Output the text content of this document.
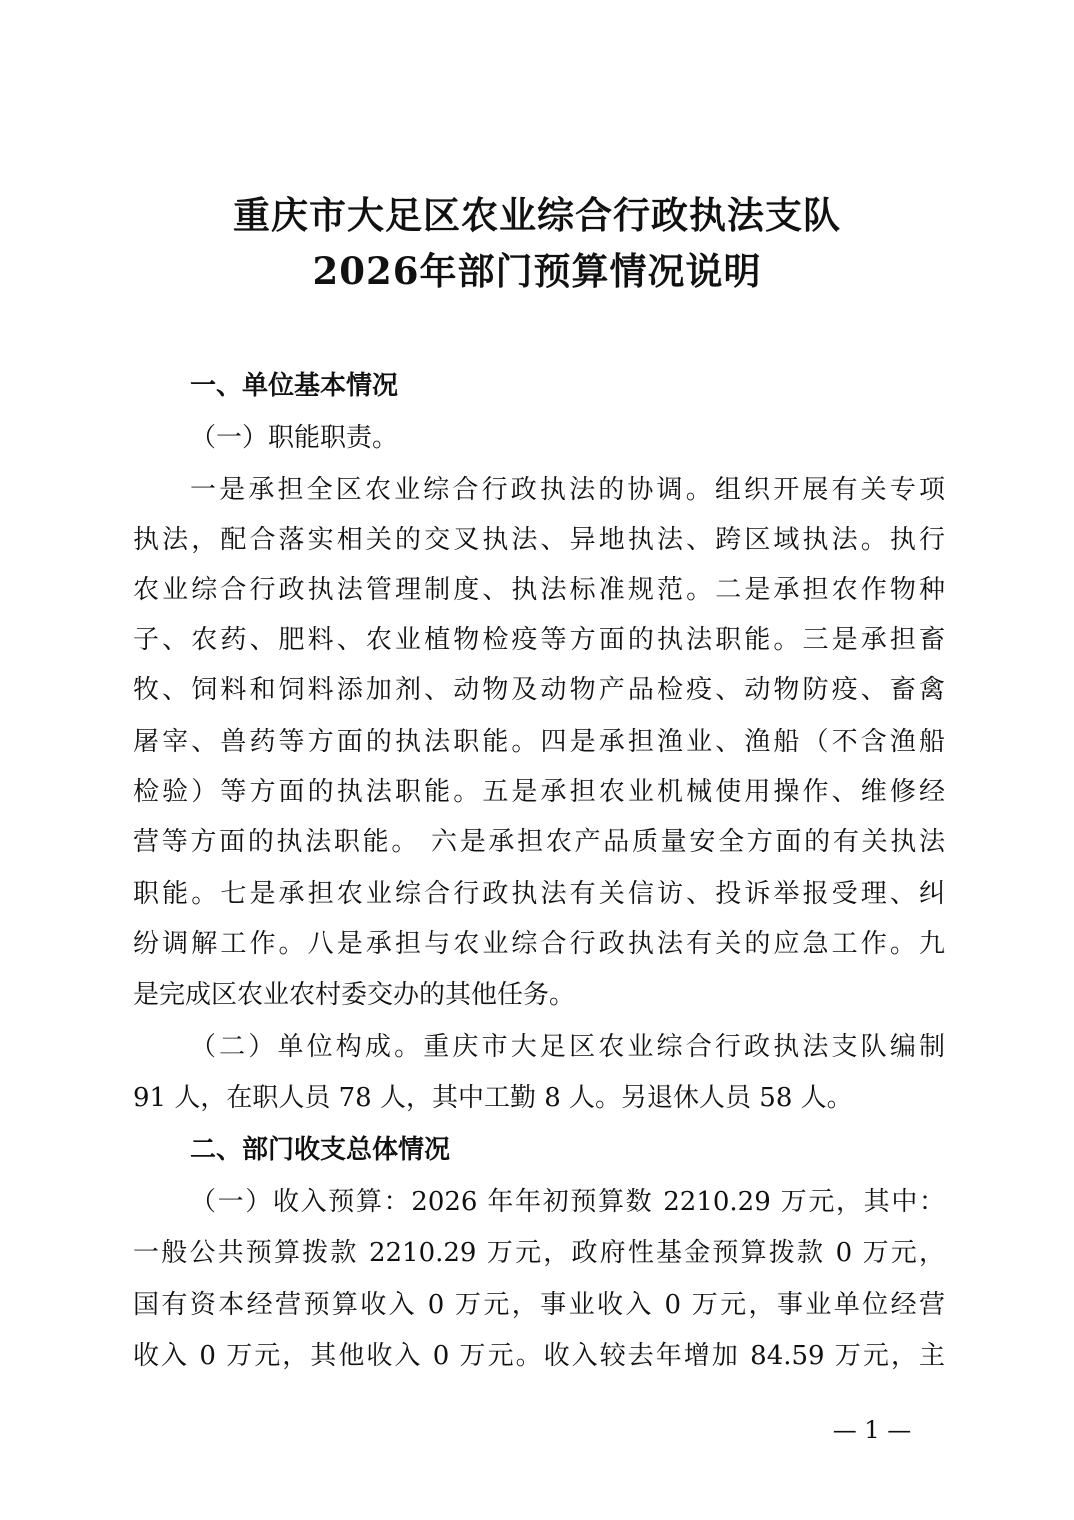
重庆市大足区农业综合行政执法支队
2026年部门预算情况说明
一、单位基本情况
（一）职能职责。
一是承担全区农业综合行政执法的协调。组织开展有关专项
执法，配合落实相关的交叉执法、异地执法、跨区域执法。执行
农业综合行政执法管理制度、执法标准规范。二是承担农作物种
子、农药、肥料、农业植物检疫等方面的执法职能。三是承担畜
牧、饲料和饲料添加剂、动物及动物产品检疫、动物防疫、畜禽
屠宰、兽药等方面的执法职能。四是承担渔业、渔船（不含渔船
检验）等方面的执法职能。五是承担农业机械使用操作、维修经
营等方面的执法职能。 六是承担农产品质量安全方面的有关执法
职能。七是承担农业综合行政执法有关信访、投诉举报受理、纠
纷调解工作。八是承担与农业综合行政执法有关的应急工作。九
是完成区农业农村委交办的其他任务。
（二）单位构成。重庆市大足区农业综合行政执法支队编制
91 人，在职人员 78 人，其中工勤 8 人。另退休人员 58 人。
二、部门收支总体情况
（一）收入预算：2026 年年初预算数 2210.29 万元，其中：
一般公共预算拨款 2210.29 万元，政府性基金预算拨款 0 万元，
国有资本经营预算收入 0 万元，事业收入 0 万元，事业单位经营
收入 0 万元，其他收入 0 万元。收入较去年增加 84.59 万元，主
— 1 —
